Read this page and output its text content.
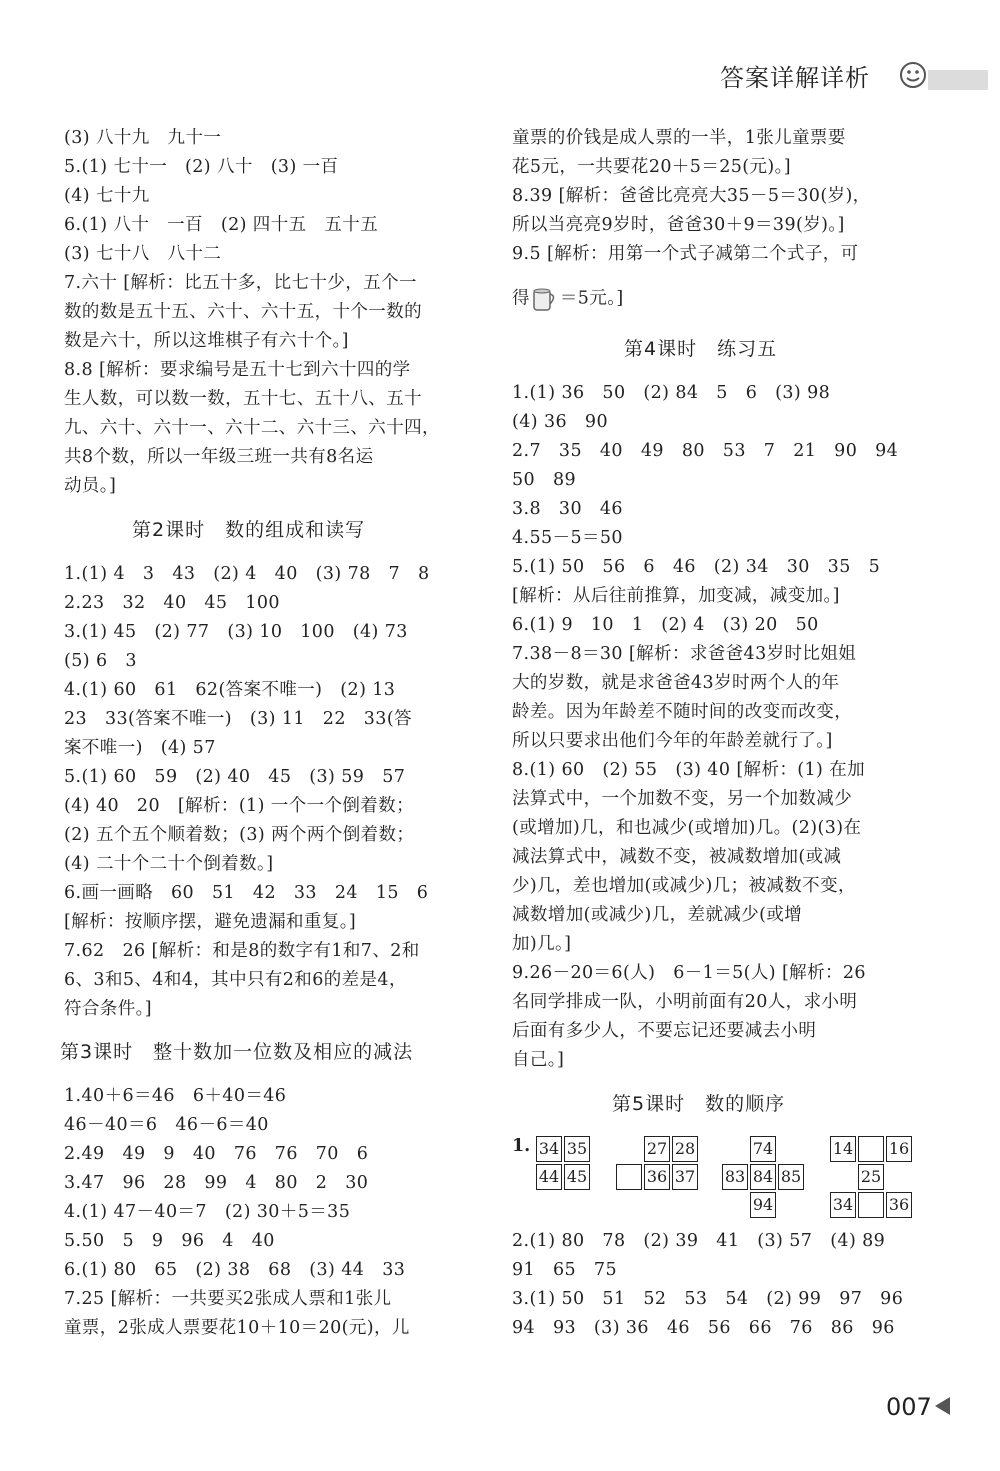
答案详解详析
(3) 八十九　九十一
5.(1) 七十一　(2) 八十　(3) 一百
(4) 七十九
6.(1) 八十　一百　(2) 四十五　五十五
(3) 七十八　八十二
7.六十 [解析：比五十多，比七十少，五个一
数的数是五十五、六十、六十五，十个一数的
数是六十，所以这堆棋子有六十个。]
8.8 [解析：要求编号是五十七到六十四的学
生人数，可以数一数，五十七、五十八、五十
九、六十、六十一、六十二、六十三、六十四，
共8个数，所以一年级三班一共有8名运
动员。]
第2课时　数的组成和读写
1.(1) 4　3　43　(2) 4　40　(3) 78　7　8
2.23　32　40　45　100
3.(1) 45　(2) 77　(3) 10　100　(4) 73
(5) 6　3
4.(1) 60　61　62(答案不唯一)　(2) 13
23　33(答案不唯一)　(3) 11　22　33(答
案不唯一)　(4) 57
5.(1) 60　59　(2) 40　45　(3) 59　57
(4) 40　20　[解析：(1) 一个一个倒着数；
(2) 五个五个顺着数；(3) 两个两个倒着数；
(4) 二十个二十个倒着数。]
6.画一画略　60　51　42　33　24　15　6
[解析：按顺序摆，避免遗漏和重复。]
7.62　26 [解析：和是8的数字有1和7、2和
6、3和5、4和4，其中只有2和6的差是4，
符合条件。]
第3课时　整十数加一位数及相应的减法
1.40＋6＝46　6＋40＝46
46－40＝6　46－6＝40
2.49　49　9　40　76　76　70　6
3.47　96　28　99　4　80　2　30
4.(1) 47－40＝7　(2) 30＋5＝35
5.50　5　9　96　4　40
6.(1) 80　65　(2) 38　68　(3) 44　33
7.25 [解析：一共要买2张成人票和1张儿
童票，2张成人票要花10＋10＝20(元)，儿
童票的价钱是成人票的一半，1张儿童票要
花5元，一共要花20＋5＝25(元)。]
8.39 [解析：爸爸比亮亮大35－5＝30(岁)，
所以当亮亮9岁时，爸爸30＋9＝39(岁)。]
9.5 [解析：用第一个式子减第二个式子，可
得 ＝5元。]
第4课时　练习五
1.(1) 36　50　(2) 84　5　6　(3) 98
(4) 36　90
2.7　35　40　49　80　53　7　21　90　94
50　89
3.8　30　46
4.55－5＝50
5.(1) 50　56　6　46　(2) 34　30　35　5
[解析：从后往前推算，加变减，减变加。]
6.(1) 9　10　1　(2) 4　(3) 20　50
7.38－8＝30 [解析：求爸爸43岁时比姐姐
大的岁数，就是求爸爸43岁时两个人的年
龄差。因为年龄差不随时间的改变而改变，
所以只要求出他们今年的年龄差就行了。]
8.(1) 60　(2) 55　(3) 40 [解析：(1) 在加
法算式中，一个加数不变，另一个加数减少
(或增加)几，和也减少(或增加)几。(2)(3)在
减法算式中，减数不变，被减数增加(或减
少)几，差也增加(或减少)几；被减数不变，
减数增加(或减少)几，差就减少(或增
加)几。]
9.26－20＝6(人)　6－1＝5(人) [解析：26
名同学排成一队，小明前面有20人，求小明
后面有多少人，不要忘记还要减去小明
自己。]
第5课时　数的顺序
2.(1) 80　78　(2) 39　41　(3) 57　(4) 89
91　65　75
3.(1) 50　51　52　53　54　(2) 99　97　96
94　93　(3) 36　46　56　66　76　86　96
1. 34 35
44 45
27 28
36 37
74
83 84 85
94
14 16
25
34 36
007
